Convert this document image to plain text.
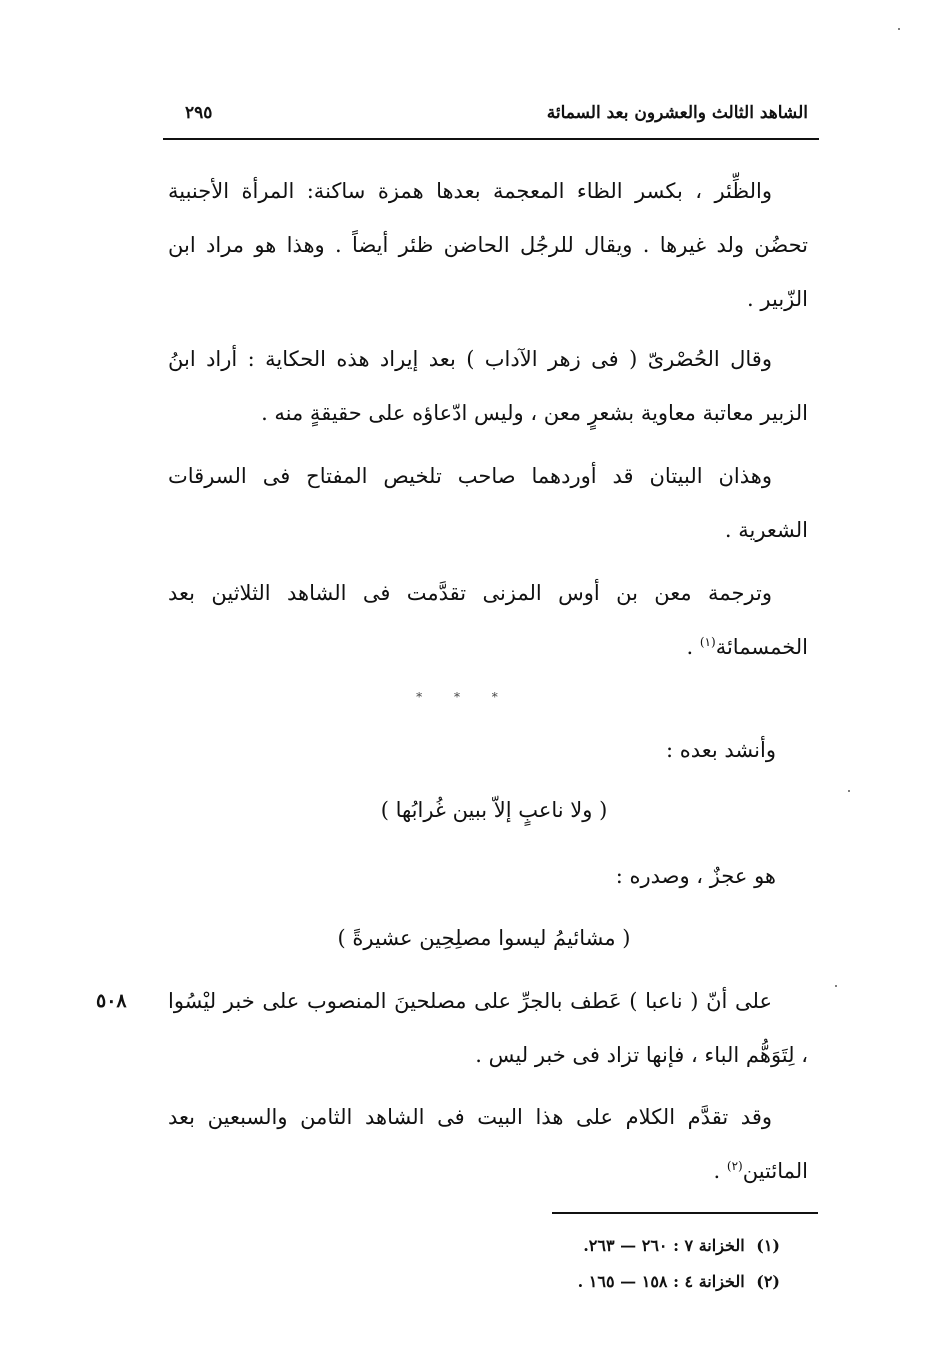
الشاهد الثالث والعشرون بعد السمائة
٢٩٥

والظِّئر ، بكسر الظاء المعجمة بعدها همزة ساكنة: المرأة الأجنبية تحضُن ولد غيرها . ويقال للرجُل الحاضن ظئر أيضاً . وهذا هو مراد ابن الزّبير .

وقال الحُصْرىّ ( فى زهر الآداب ) بعد إيراد هذه الحكاية : أراد ابنُ الزبير معاتبة معاوية بشعرٍ معن ، وليس ادّعاؤه على حقيقةٍ منه .

وهذان البيتان قد أوردهما صاحب تلخيص المفتاح فى السرقات الشعرية .

وترجمة معن بن أوس المزنى تقدَّمت فى الشاهد الثلاثين بعد الخمسمائة$^{(١)}$ .

* * *
وأنشد بعده :
( ولا ناعبٍ إلاّ ببين غُرابُها )
هو عجزٌ ، وصدره :
( مشائيمُ ليسوا مصلِحِين عشيرةً )
٥٠٨ على أنّ ( ناعبا ) عَطف بالجرِّ على مصلحينَ المنصوب على خبر ليْسُوا ، لِتَوَهُّم الباء ، فإنها تزاد فى خبر ليس .

وقد تقدَّم الكلام على هذا البيت فى الشاهد الثامن والسبعين بعد المائتين$^{(٢)}$ .

(١) الخزانة ٧ : ٢٦٠ — ٢٦٣.
(٢) الخزانة ٤ : ١٥٨ — ١٦٥ .
